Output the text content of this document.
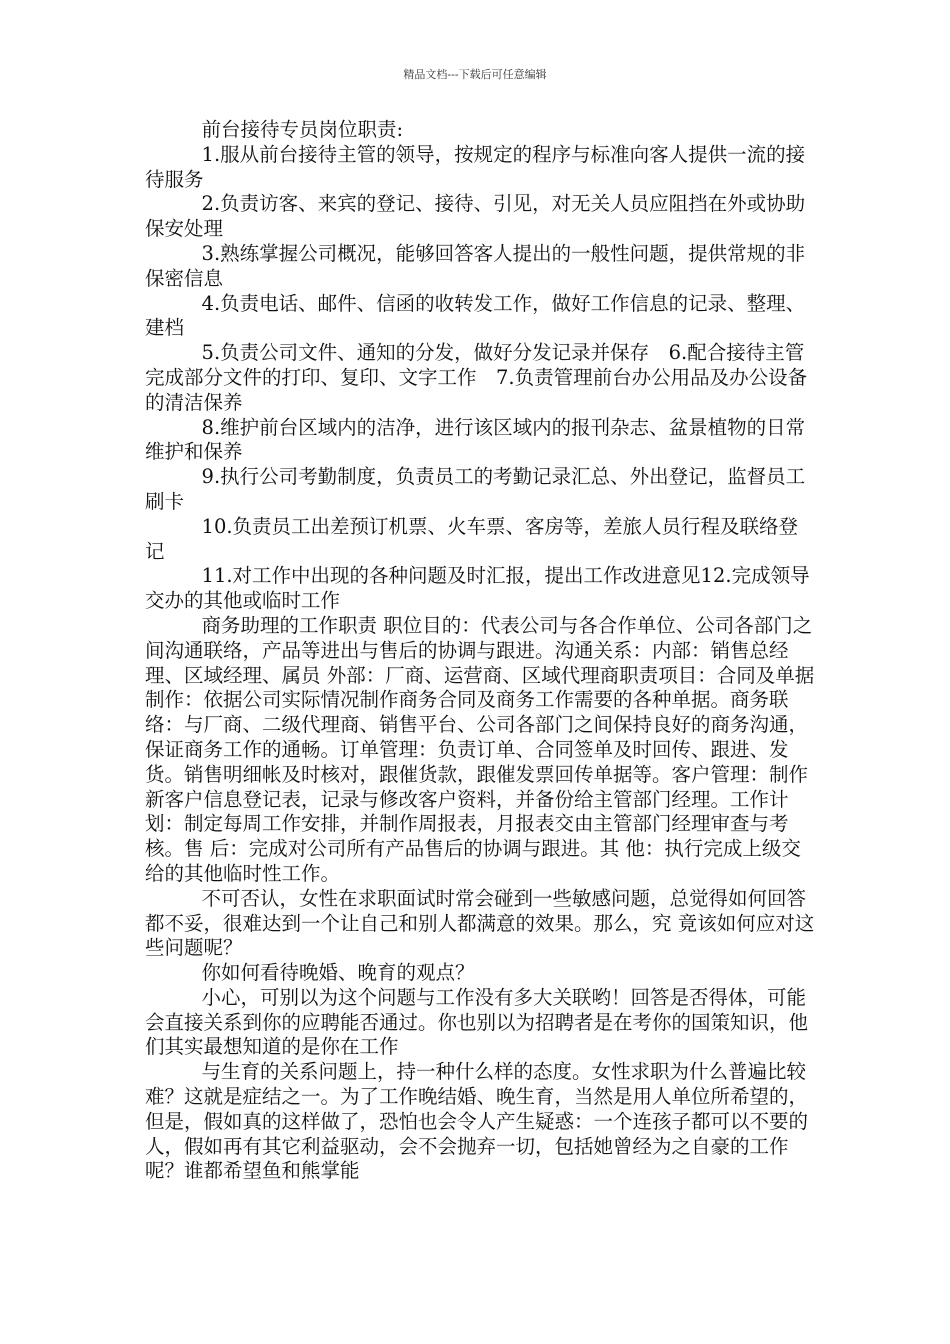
精品文档---下载后可任意编辑

前台接待专员岗位职责:

1.服从前台接待主管的领导，按规定的程序与标准向客人提供一流的接待服务

2.负责访客、来宾的登记、接待、引见，对无关人员应阻挡在外或协助保安处理

3.熟练掌握公司概况，能够回答客人提出的一般性问题，提供常规的非保密信息

4.负责电话、邮件、信函的收转发工作，做好工作信息的记录、整理、建档

5.负责公司文件、通知的分发，做好分发记录并保存　6.配合接待主管完成部分文件的打印、复印、文字工作　7.负责管理前台办公用品及办公设备的清洁保养

8.维护前台区域内的洁净，进行该区域内的报刊杂志、盆景植物的日常维护和保养

9.执行公司考勤制度，负责员工的考勤记录汇总、外出登记，监督员工刷卡

10.负责员工出差预订机票、火车票、客房等，差旅人员行程及联络登记

11.对工作中出现的各种问题及时汇报，提出工作改进意见12.完成领导交办的其他或临时工作

商务助理的工作职责 职位目的：代表公司与各合作单位、公司各部门之间沟通联络，产品等进出与售后的协调与跟进。沟通关系：内部：销售总经理、区域经理、属员 外部：厂商、运营商、区域代理商职责项目：合同及单据制作：依据公司实际情况制作商务合同及商务工作需要的各种单据。商务联络：与厂商、二级代理商、销售平台、公司各部门之间保持良好的商务沟通，保证商务工作的通畅。订单管理：负责订单、合同签单及时回传、跟进、发货。销售明细帐及时核对，跟催货款，跟催发票回传单据等。客户管理：制作新客户信息登记表，记录与修改客户资料，并备份给主管部门经理。工作计划：制定每周工作安排，并制作周报表，月报表交由主管部门经理审查与考核。售 后：完成对公司所有产品售后的协调与跟进。其 他：执行完成上级交给的其他临时性工作。

不可否认，女性在求职面试时常会碰到一些敏感问题，总觉得如何回答都不妥，很难达到一个让自己和别人都满意的效果。那么，究 竟该如何应对这些问题呢？

你如何看待晚婚、晚育的观点？

小心，可别以为这个问题与工作没有多大关联哟！回答是否得体，可能会直接关系到你的应聘能否通过。你也别以为招聘者是在考你的国策知识，他们其实最想知道的是你在工作

与生育的关系问题上，持一种什么样的态度。女性求职为什么普遍比较难？这就是症结之一。为了工作晚结婚、晚生育，当然是用人单位所希望的，但是，假如真的这样做了，恐怕也会令人产生疑惑：一个连孩子都可以不要的人，假如再有其它利益驱动，会不会抛弃一切，包括她曾经为之自豪的工作呢？谁都希望鱼和熊掌能
